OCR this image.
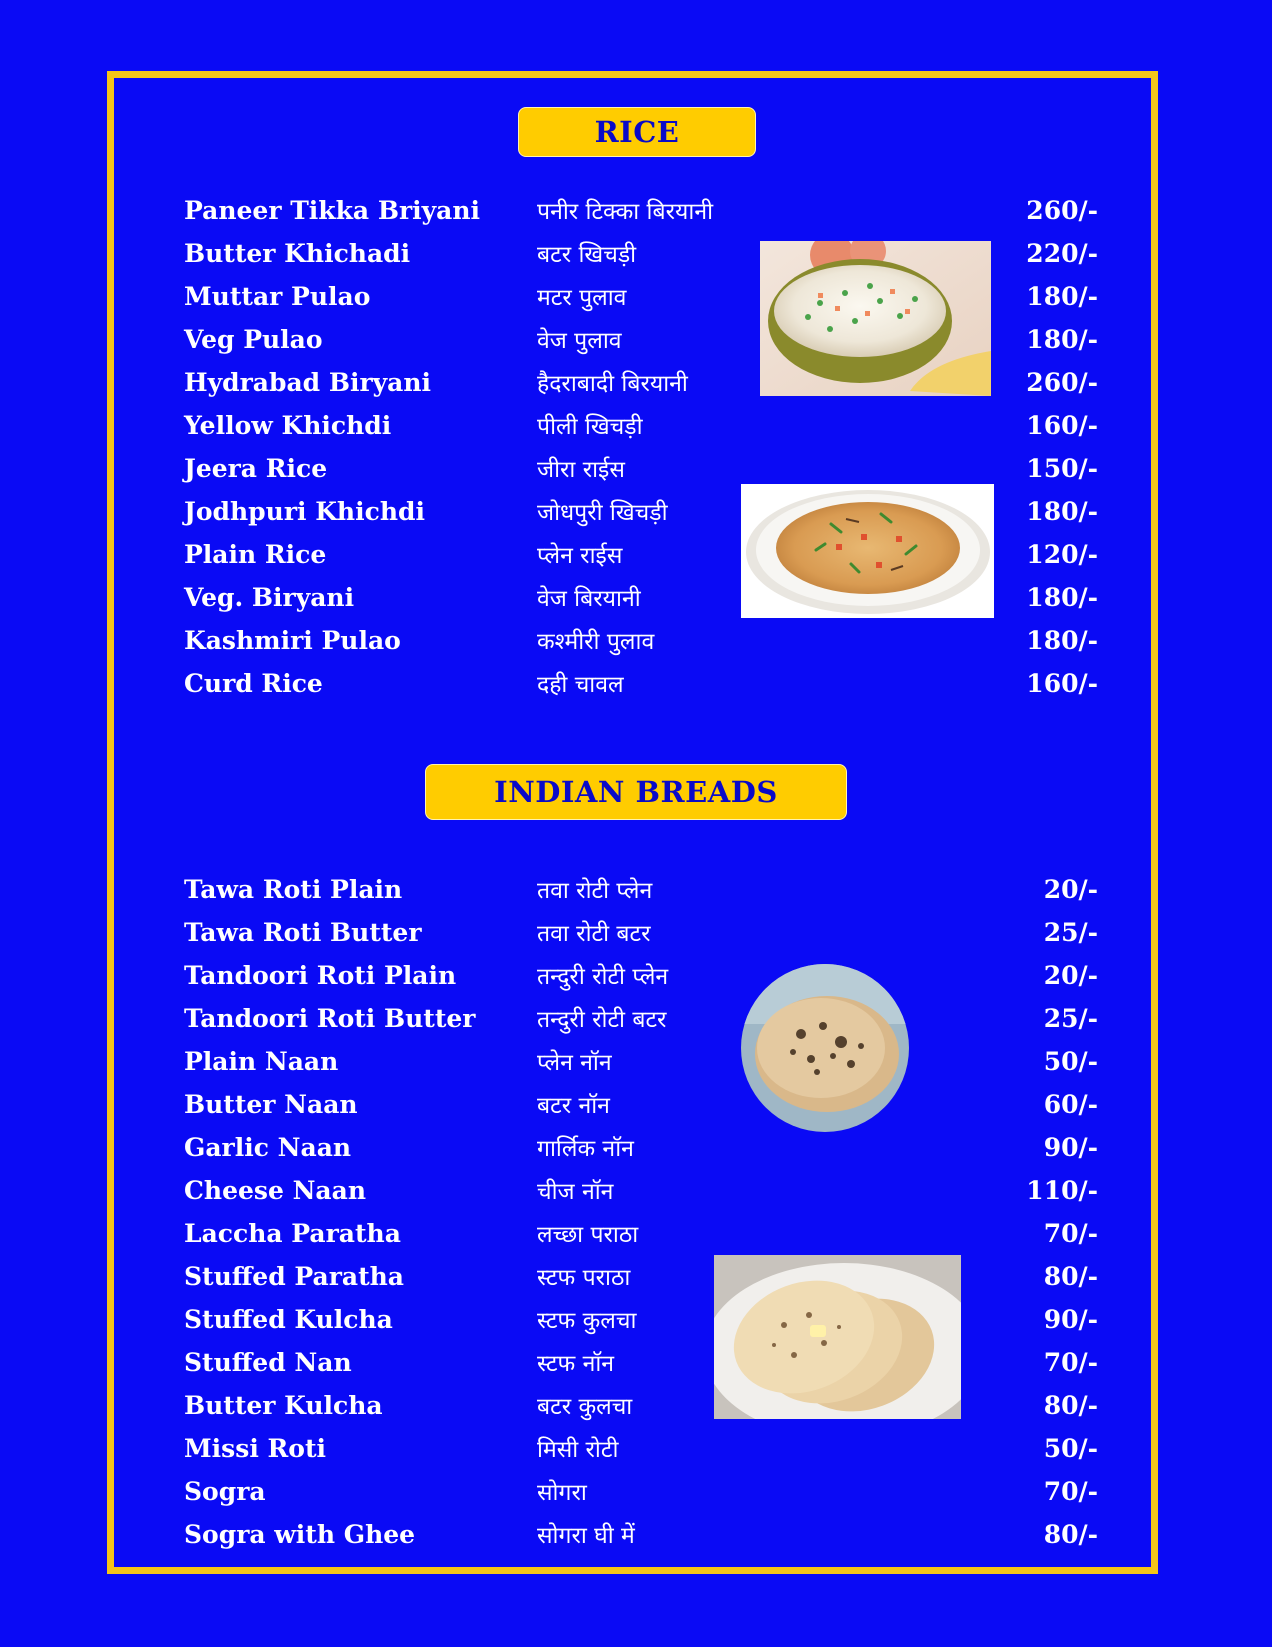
RICE
Paneer Tikka Briyani पनीर टिक्का बिरयानी	260/-
Butter Khichadi	बटर खिचड़ी	220/-
Muttar Pulao	मटर पुलाव	180/-
Veg Pulao	वेज पुलाव	180/-
Hydrabad Biryani	हैदराबादी बिरयानी	260/-
Yellow Khichdi	पीली खिचड़ी	160/-
Jeera Rice	जीरा राईस	150/-
Jodhpuri Khichdi	जोधपुरी खिचड़ी	180/-
Plain Rice	प्लेन राईस	120/-
Veg. Biryani	वेज बिरयानी	180/-
Kashmiri Pulao	कश्मीरी पुलाव	180/-
Curd Rice	दही चावल	160/-
INDIAN BREADS
Tawa Roti Plain	तवा रोटी प्लेन	20/-
Tawa Roti Butter	तवा रोटी बटर	25/-
Tandoori Roti Plain	तन्दुरी रोटी प्लेन	20/-
Tandoori Roti Butter	तन्दुरी रोटी बटर	25/-
Plain Naan	प्लेन नॉन	50/-
Butter Naan	बटर नॉन	60/-
Garlic Naan	गार्लिक नॉन	90/-
Cheese Naan	चीज नॉन	110/-
Laccha Paratha	लच्छा पराठा	70/-
Stuffed Paratha	स्टफ पराठा	80/-
Stuffed Kulcha	स्टफ कुलचा	90/-
Stuffed Nan	स्टफ नॉन	70/-
Butter Kulcha	बटर कुलचा	80/-
Missi Roti	मिसी रोटी	50/-
Sogra	सोगरा	70/-
Sogra with Ghee	सोगरा घी में	80/-
